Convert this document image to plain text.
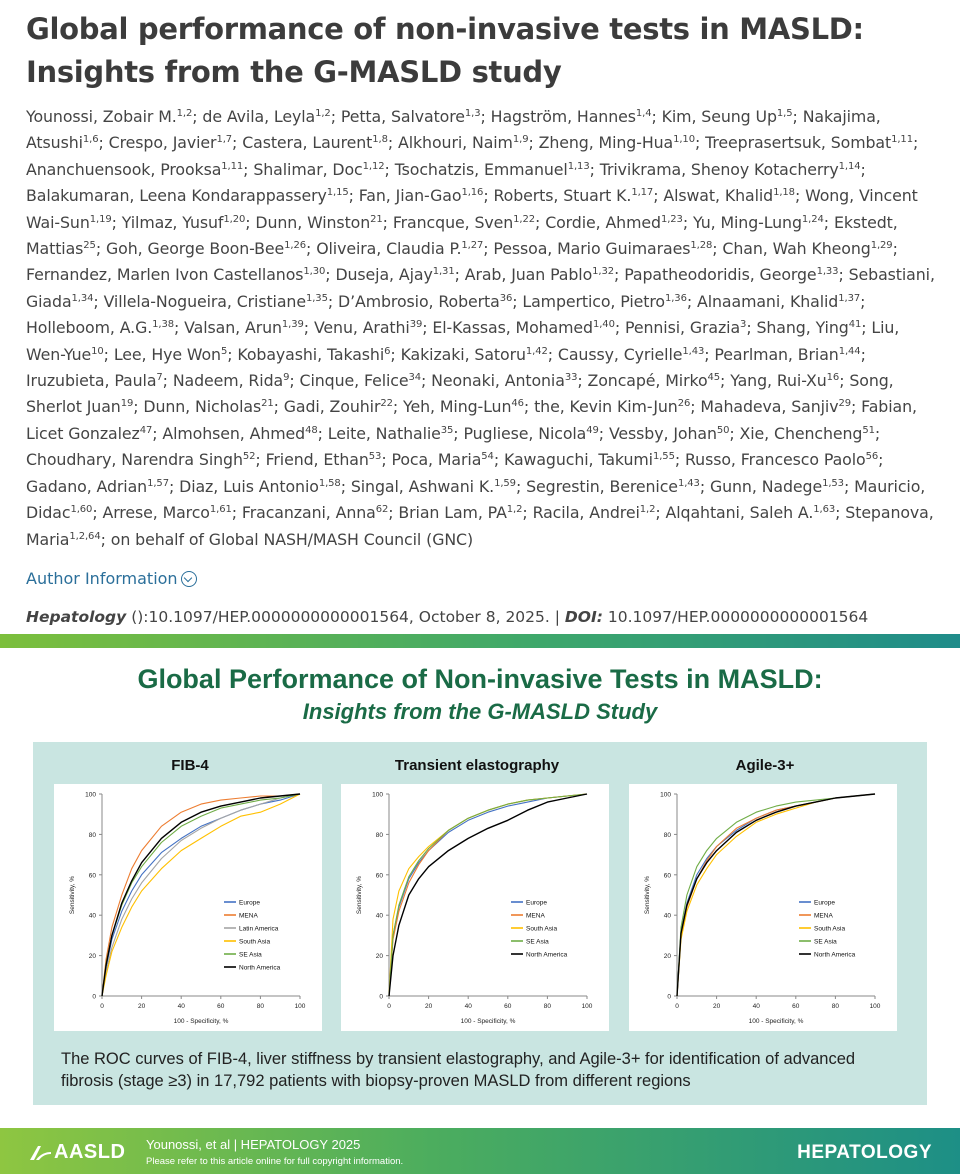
Global performance of non-invasive tests in MASLD: Insights from the G-MASLD study
Younossi, Zobair M.$^{1,2}$; de Avila, Leyla$^{1,2}$; Petta, Salvatore$^{1,3}$; Hagström, Hannes$^{1,4}$; Kim, Seung Up$^{1,5}$; Nakajima, Atsushi$^{1,6}$; Crespo, Javier$^{1,7}$; Castera, Laurent$^{1,8}$; Alkhouri, Naim$^{1,9}$; Zheng, Ming-Hua$^{1,10}$; Treeprasertsuk, Sombat$^{1,11}$; Ananchuensook, Prooksa$^{1,11}$; Shalimar, Doc$^{1,12}$; Tsochatzis, Emmanuel$^{1,13}$; Trivikrama, Shenoy Kotacherry$^{1,14}$; Balakumaran, Leena Kondarappassery$^{1,15}$; Fan, Jian-Gao$^{1,16}$; Roberts, Stuart K.$^{1,17}$; Alswat, Khalid$^{1,18}$; Wong, Vincent Wai-Sun$^{1,19}$; Yilmaz, Yusuf$^{1,20}$; Dunn, Winston$^{21}$; Francque, Sven$^{1,22}$; Cordie, Ahmed$^{1,23}$; Yu, Ming-Lung$^{1,24}$; Ekstedt, Mattias$^{25}$; Goh, George Boon-Bee$^{1,26}$; Oliveira, Claudia P.$^{1,27}$; Pessoa, Mario Guimaraes$^{1,28}$; Chan, Wah Kheong$^{1,29}$; Fernandez, Marlen Ivon Castellanos$^{1,30}$; Duseja, Ajay$^{1,31}$; Arab, Juan Pablo$^{1,32}$; Papatheodoridis, George$^{1,33}$; Sebastiani, Giada$^{1,34}$; Villela-Nogueira, Cristiane$^{1,35}$; D’Ambrosio, Roberta$^{36}$; Lampertico, Pietro$^{1,36}$; Alnaamani, Khalid$^{1,37}$; Holleboom, A.G.$^{1,38}$; Valsan, Arun$^{1,39}$; Venu, Arathi$^{39}$; El-Kassas, Mohamed$^{1,40}$; Pennisi, Grazia$^3$; Shang, Ying$^{41}$; Liu, Wen-Yue$^{10}$; Lee, Hye Won$^5$; Kobayashi, Takashi$^6$; Kakizaki, Satoru$^{1,42}$; Caussy, Cyrielle$^{1,43}$; Pearlman, Brian$^{1,44}$; Iruzubieta, Paula$^7$; Nadeem, Rida$^9$; Cinque, Felice$^{34}$; Neonaki, Antonia$^{33}$; Zoncapé, Mirko$^{45}$; Yang, Rui-Xu$^{16}$; Song, Sherlot Juan$^{19}$; Dunn, Nicholas$^{21}$; Gadi, Zouhir$^{22}$; Yeh, Ming-Lun$^{46}$; the, Kevin Kim-Jun$^{26}$; Mahadeva, Sanjiv$^{29}$; Fabian, Licet Gonzalez$^{47}$; Almohsen, Ahmed$^{48}$; Leite, Nathalie$^{35}$; Pugliese, Nicola$^{49}$; Vessby, Johan$^{50}$; Xie, Chencheng$^{51}$; Choudhary, Narendra Singh$^{52}$; Friend, Ethan$^{53}$; Poca, Maria$^{54}$; Kawaguchi, Takumi$^{1,55}$; Russo, Francesco Paolo$^{56}$; Gadano, Adrian$^{1,57}$; Diaz, Luis Antonio$^{1,58}$; Singal, Ashwani K.$^{1,59}$; Segrestin, Berenice$^{1,43}$; Gunn, Nadege$^{1,53}$; Mauricio, Didac$^{1,60}$; Arrese, Marco$^{1,61}$; Fracanzani, Anna$^{62}$; Brian Lam, PA$^{1,2}$; Racila, Andrei$^{1,2}$; Alqahtani, Saleh A.$^{1,63}$; Stepanova, Maria$^{1,2,64}$; on behalf of Global NASH/MASH Council (GNC)
Author Information
Hepatology ():10.1097/HEP.0000000000001564, October 8, 2025. | DOI: 10.1097/HEP.0000000000001564
Global Performance of Non-invasive Tests in MASLD:
Insights from the G-MASLD Study
FIB-4
0
20
40
60
80
100
0	20	40	60	80	100
100 - Specificity, %
Sensitivity, %	Europe
MENA
Latin America
South Asia
SE Asia
North America
Transient elastography
0
20
40
60
80
100
0	20	40	60	80	100
100 - Specificity, %
Sensitivity, %	Europe
MENA
South Asia
SE Asia
North America
Agile-3+
0
20
40
60
80
100
0	20	40	60	80	100
100 - Specificity, %
Sensitivity, %	Europe
MENA
South Asia
SE Asia
North America
The ROC curves of FIB-4, liver stiffness by transient elastography, and Agile-3+ for identification of advanced fibrosis (stage ≥3) in 17,792 patients with biopsy-proven MASLD from different regions
AASLD Younossi, et al | HEPATOLOGY 2025
Please refer to this article online for full copyright information.	HEPATOLOGY
